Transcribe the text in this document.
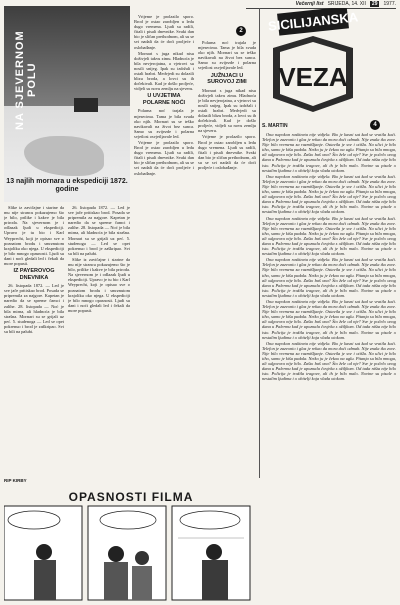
Večernji list SRIJEDA, 14. XII	29	1977.
NA SJEVERNOM POLU
13 najlih mornara u ekspediciji 1872. godine

Slike iz zavičajne i starine da mu nije strancu pokazujemo što je bilo, prilike i kakve je bila priroda. Na sjevernom je i odlazak ljudi u ekspediciji. Upravo je tu bio i Karl Weyprecht, koji je opisao sve o poznatom brodu i smrznutom krajoliku oko njega. U ekspediciji je bilo mnogo opasnosti. Ljudi su dani i noći gledali led i čekali da more popusti.

IZ PAYEROVOG DNEVNIKA

26. listopada 1872. — Led je sve jače pritiskao brod. Posada se pripremila za najgore. Kapetan je naredio da se spreme čamci i zalihe. 28. listopada — Noć je bila mirna, ali hladnoća je bila strašna. Mornari su se grijali uz peć. 5. studenoga — Led se opet pokrenuo i brod je zaškripao. Svi su bili na palubi.

26. listopada 1872. — Led je sve jače pritiskao brod. Posada se pripremila za najgore. Kapetan je naredio da se spreme čamci i zalihe. 28. listopada — Noć je bila mirna, ali hladnoća je bila strašna. Mornari su se grijali uz peć. 5. studenoga — Led se opet pokrenuo i brod je zaškripao. Svi su bili na palubi.

Slike iz zavičajne i starine da mu nije strancu pokazujemo što je bilo, prilike i kakve je bila priroda. Na sjevernom je i odlazak ljudi u ekspediciji. Upravo je tu bio i Karl Weyprecht, koji je opisao sve o poznatom brodu i smrznutom krajoliku oko njega. U ekspediciji je bilo mnogo opasnosti. Ljudi su dani i noći gledali led i čekali da more popusti.

2

Vrijeme je prolazilo sporo. Brod je ostao zarobljen u ledu dugo vremena. Ljudi su radili, čitali i pisali dnevnike. Svaki dan bio je sličan prethodnom, ali su se svi nadali da će doći proljeće i oslobađanje.

Mornari s juga nikad nisu doživjeli takvu zimu. Hladnoća je bila nevjerojatna, a vjetrovi su nosili snijeg. Ipak su izdržali i ostali hrabri. Medvjedi su dolazili blizu broda, a lovci su ih dočekivali. Kad je došlo proljeće, vidjeli su novu zemlju na sjeveru.

U UVJETIMA POLARNE NOĆI

Polarna noć trajala je mjesecima. Tama je bila svuda oko njih. Mornari su se teško navikavali na život bez sunca. Samo su zvijezde i polarna svjetlost osvjetljavale led.

Vrijeme je prolazilo sporo. Brod je ostao zarobljen u ledu dugo vremena. Ljudi su radili, čitali i pisali dnevnike. Svaki dan bio je sličan prethodnom, ali su se svi nadali da će doći proljeće i oslobađanje.

Polarna noć trajala je mjesecima. Tama je bila svuda oko njih. Mornari su se teško navikavali na život bez sunca. Samo su zvijezde i polarna svjetlost osvjetljavale led.

JUŽNJACI U SUROVOJ ZIMI

Mornari s juga nikad nisu doživjeli takvu zimu. Hladnoća je bila nevjerojatna, a vjetrovi su nosili snijeg. Ipak su izdržali i ostali hrabri. Medvjedi su dolazili blizu broda, a lovci su ih dočekivali. Kad je došlo proljeće, vidjeli su novu zemlju na sjeveru.

Vrijeme je prolazilo sporo. Brod je ostao zarobljen u ledu dugo vremena. Ljudi su radili, čitali i pisali dnevnike. Svaki dan bio je sličan prethodnom, ali su se svi nadali da će doći proljeće i oslobađanje.

SICILIJANSKA
VEZA
S. MARTIN	4

Ona napokon raskineta nije vidjela. Bio je kasni sat kad se vratila kući. Telefon je zazvonio i glas je rekao da mora doći odmah. Nije znala tko zove. Nije bilo vremena za razmišljanje. Ostavila je sve i otišla. Na ulici je bilo tiho, samo je kiša padala. Netko ju je čekao na uglu. Pitanja su bila mnoga, ali odgovora nije bilo. Zašto baš ona? Što žele od nje? Sve je počelo onog dana u Palermu kad je upoznala čovjeka s ožiljkom. Od tada ništa nije bilo isto. Policija je tražila tragove, ali ih je bilo malo. Novine su pisale o nestalim ljudima i o obitelji koja vlada otokom.

Ona napokon raskineta nije vidjela. Bio je kasni sat kad se vratila kući. Telefon je zazvonio i glas je rekao da mora doći odmah. Nije znala tko zove. Nije bilo vremena za razmišljanje. Ostavila je sve i otišla. Na ulici je bilo tiho, samo je kiša padala. Netko ju je čekao na uglu. Pitanja su bila mnoga, ali odgovora nije bilo. Zašto baš ona? Što žele od nje? Sve je počelo onog dana u Palermu kad je upoznala čovjeka s ožiljkom. Od tada ništa nije bilo isto. Policija je tražila tragove, ali ih je bilo malo. Novine su pisale o nestalim ljudima i o obitelji koja vlada otokom.

Ona napokon raskineta nije vidjela. Bio je kasni sat kad se vratila kući. Telefon je zazvonio i glas je rekao da mora doći odmah. Nije znala tko zove. Nije bilo vremena za razmišljanje. Ostavila je sve i otišla. Na ulici je bilo tiho, samo je kiša padala. Netko ju je čekao na uglu. Pitanja su bila mnoga, ali odgovora nije bilo. Zašto baš ona? Što žele od nje? Sve je počelo onog dana u Palermu kad je upoznala čovjeka s ožiljkom. Od tada ništa nije bilo isto. Policija je tražila tragove, ali ih je bilo malo. Novine su pisale o nestalim ljudima i o obitelji koja vlada otokom.

Ona napokon raskineta nije vidjela. Bio je kasni sat kad se vratila kući. Telefon je zazvonio i glas je rekao da mora doći odmah. Nije znala tko zove. Nije bilo vremena za razmišljanje. Ostavila je sve i otišla. Na ulici je bilo tiho, samo je kiša padala. Netko ju je čekao na uglu. Pitanja su bila mnoga, ali odgovora nije bilo. Zašto baš ona? Što žele od nje? Sve je počelo onog dana u Palermu kad je upoznala čovjeka s ožiljkom. Od tada ništa nije bilo isto. Policija je tražila tragove, ali ih je bilo malo. Novine su pisale o nestalim ljudima i o obitelji koja vlada otokom.

Ona napokon raskineta nije vidjela. Bio je kasni sat kad se vratila kući. Telefon je zazvonio i glas je rekao da mora doći odmah. Nije znala tko zove. Nije bilo vremena za razmišljanje. Ostavila je sve i otišla. Na ulici je bilo tiho, samo je kiša padala. Netko ju je čekao na uglu. Pitanja su bila mnoga, ali odgovora nije bilo. Zašto baš ona? Što žele od nje? Sve je počelo onog dana u Palermu kad je upoznala čovjeka s ožiljkom. Od tada ništa nije bilo isto. Policija je tražila tragove, ali ih je bilo malo. Novine su pisale o nestalim ljudima i o obitelji koja vlada otokom.

Ona napokon raskineta nije vidjela. Bio je kasni sat kad se vratila kući. Telefon je zazvonio i glas je rekao da mora doći odmah. Nije znala tko zove. Nije bilo vremena za razmišljanje. Ostavila je sve i otišla. Na ulici je bilo tiho, samo je kiša padala. Netko ju je čekao na uglu. Pitanja su bila mnoga, ali odgovora nije bilo. Zašto baš ona? Što žele od nje? Sve je počelo onog dana u Palermu kad je upoznala čovjeka s ožiljkom. Od tada ništa nije bilo isto. Policija je tražila tragove, ali ih je bilo malo. Novine su pisale o nestalim ljudima i o obitelji koja vlada otokom.

RIP KIRBY
OPASNOSTI FILMA
